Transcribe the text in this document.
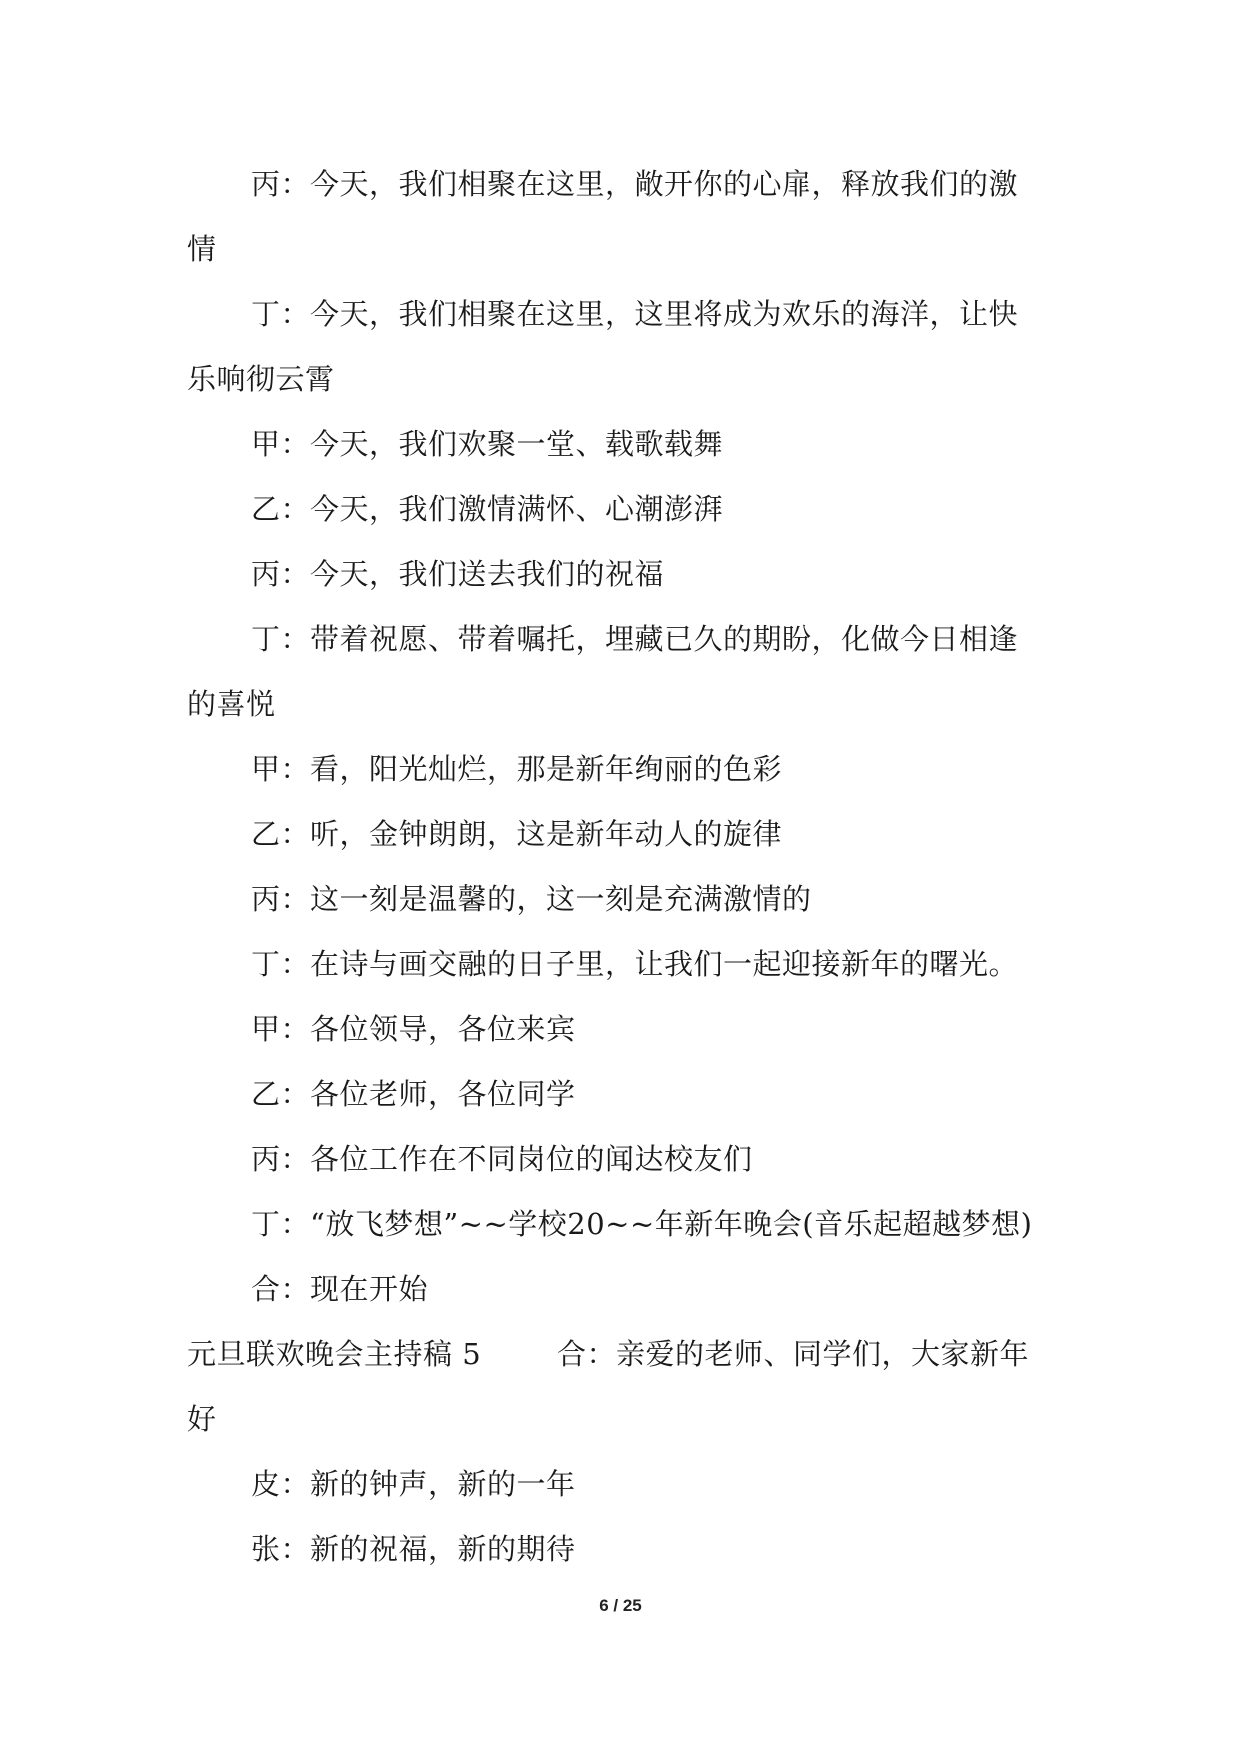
丙：今天，我们相聚在这里，敞开你的心扉，释放我们的激
情
丁：今天，我们相聚在这里，这里将成为欢乐的海洋，让快
乐响彻云霄
甲：今天，我们欢聚一堂、载歌载舞
乙：今天，我们激情满怀、心潮澎湃
丙：今天，我们送去我们的祝福
丁：带着祝愿、带着嘱托，埋藏已久的期盼，化做今日相逢
的喜悦
甲：看，阳光灿烂，那是新年绚丽的色彩
乙：听，金钟朗朗，这是新年动人的旋律
丙：这一刻是温馨的，这一刻是充满激情的
丁：在诗与画交融的日子里，让我们一起迎接新年的曙光。
甲：各位领导，各位来宾
乙：各位老师，各位同学
丙：各位工作在不同岗位的闻达校友们
丁：“放飞梦想”~~学校20~~年新年晚会(音乐起超越梦想)
合：现在开始
元旦联欢晚会主持稿 5	合：亲爱的老师、同学们，大家新年
好
皮：新的钟声，新的一年
张：新的祝福，新的期待
6 / 25
